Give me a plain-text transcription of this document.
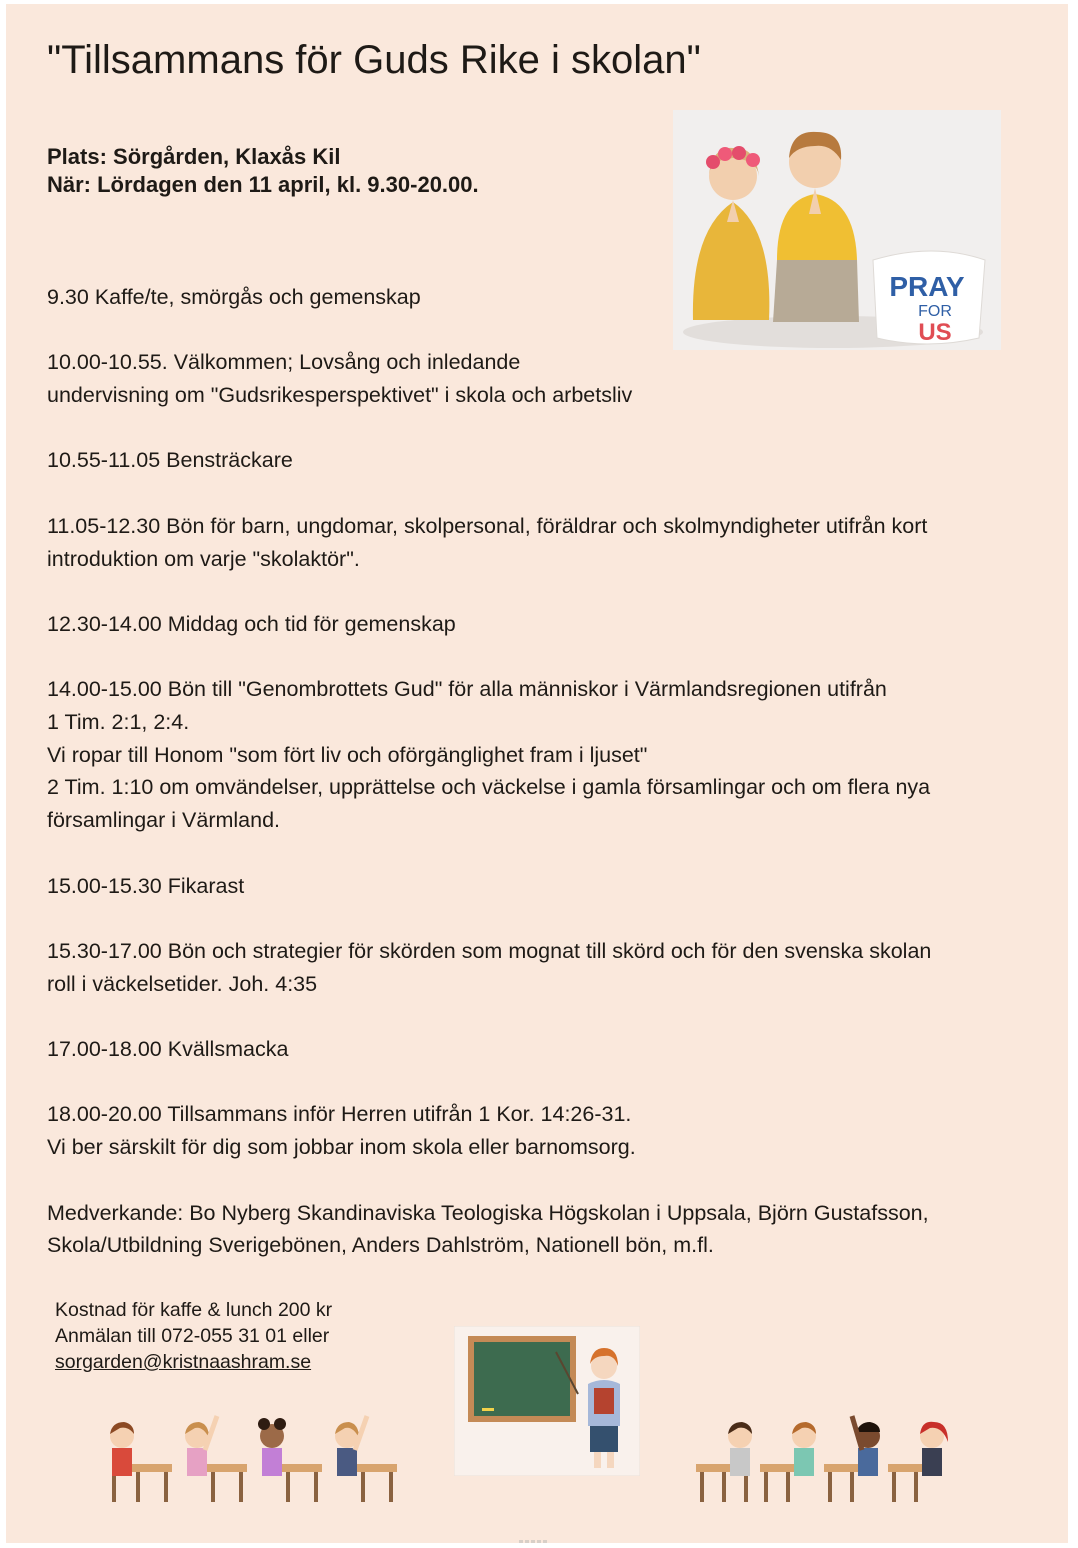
"Tillsammans för Guds Rike i skolan"
Plats: Sörgården, Klaxås Kil
När: Lördagen den 11 april, kl. 9.30-20.00.
PRAY
FOR
US

9.30 Kaffe/te, smörgås och gemenskap

10.00-10.55. Välkommen; Lovsång och inledande
undervisning om "Gudsrikesperspektivet" i skola och arbetsliv

10.55-11.05 Bensträckare

11.05-12.30 Bön för barn, ungdomar, skolpersonal, föräldrar och skolmyndigheter utifrån kort
introduktion om varje "skolaktör".

12.30-14.00 Middag och tid för gemenskap

14.00-15.00 Bön till "Genombrottets Gud" för alla människor i Värmlandsregionen utifrån
1 Tim. 2:1, 2:4.
Vi ropar till Honom "som fört liv och oförgänglighet fram i ljuset"
2 Tim. 1:10 om omvändelser, upprättelse och väckelse i gamla församlingar och om flera nya
församlingar i Värmland.

15.00-15.30 Fikarast

15.30-17.00 Bön och strategier för skörden som mognat till skörd och för den svenska skolan
roll i väckelsetider. Joh. 4:35

17.00-18.00 Kvällsmacka

18.00-20.00 Tillsammans inför Herren utifrån 1 Kor. 14:26-31.
Vi ber särskilt för dig som jobbar inom skola eller barnomsorg.

Medverkande: Bo Nyberg Skandinaviska Teologiska Högskolan i Uppsala, Björn Gustafsson,
Skola/Utbildning Sverigebönen, Anders Dahlström, Nationell bön, m.fl.

Kostnad för kaffe & lunch 200 kr
Anmälan till 072-055 31 01 eller
sorgarden@kristnaashram.se
